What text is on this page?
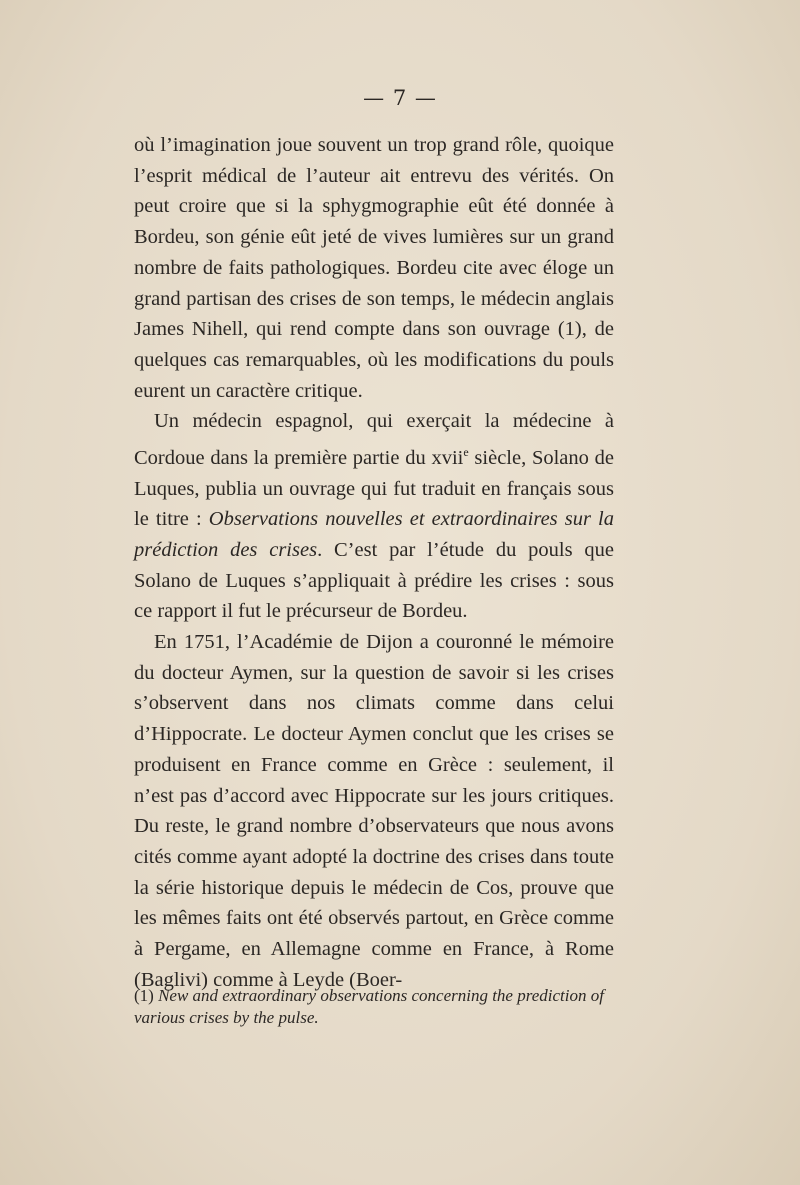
— 7 —

où l’imagination joue souvent un trop grand rôle, quoique l’esprit médical de l’auteur ait entrevu des vérités. On peut croire que si la sphygmographie eût été donnée à Bordeu, son génie eût jeté de vives lumières sur un grand nombre de faits pathologiques. Bordeu cite avec éloge un grand partisan des crises de son temps, le médecin anglais James Nihell, qui rend compte dans son ouvrage (1), de quelques cas remarquables, où les modifications du pouls eurent un caractère critique.

Un médecin espagnol, qui exerçait la médecine à Cordoue dans la première partie du xvii$^e$ siècle, Solano de Luques, publia un ouvrage qui fut traduit en français sous le titre : Observations nouvelles et extraordinaires sur la prédiction des crises. C’est par l’étude du pouls que Solano de Luques s’appliquait à prédire les crises : sous ce rapport il fut le précurseur de Bordeu.

En 1751, l’Académie de Dijon a couronné le mémoire du docteur Aymen, sur la question de savoir si les crises s’observent dans nos climats comme dans celui d’Hippocrate. Le docteur Aymen conclut que les crises se produisent en France comme en Grèce : seulement, il n’est pas d’accord avec Hippocrate sur les jours critiques. Du reste, le grand nombre d’observateurs que nous avons cités comme ayant adopté la doctrine des crises dans toute la série historique depuis le médecin de Cos, prouve que les mêmes faits ont été observés partout, en Grèce comme à Pergame, en Allemagne comme en France, à Rome (Baglivi) comme à Leyde (Boer-

(1) New and extraordinary observations concerning the prediction of various crises by the pulse.
